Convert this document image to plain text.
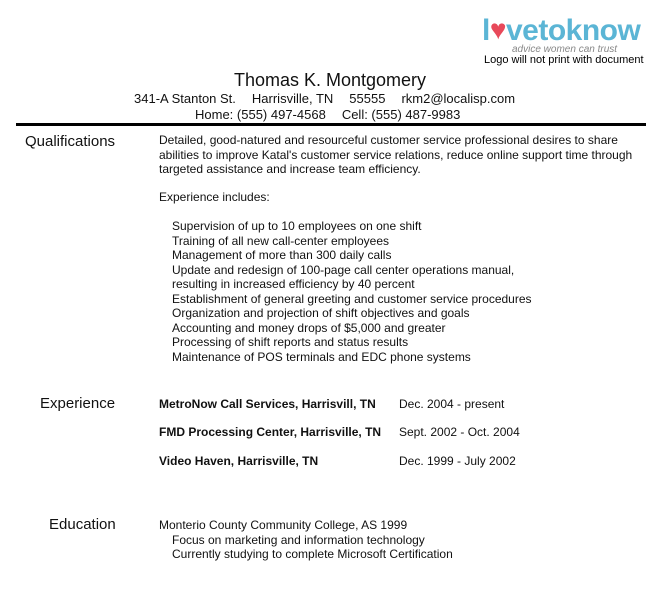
l♥vetoknow
advice women can trust
Logo will not print with document
Thomas K. Montgomery
341-A Stanton St. Harrisville, TN 55555 rkm2@localisp.com
Home: (555) 497-4568 Cell: (555) 487-9983
Qualifications	Detailed, good-natured and resourceful customer service professional desires to share abilities to improve Katal's customer service relations, reduce online support time through targeted assistance and increase team efficiency.
Experience includes:
Supervision of up to 10 employees on one shift
Training of all new call-center employees
Management of more than 300 daily calls
Update and redesign of 100-page call center operations manual,
resulting in increased efficiency by 40 percent
Establishment of general greeting and customer service procedures
Organization and projection of shift objectives and goals
Accounting and money drops of $5,000 and greater
Processing of shift reports and status results
Maintenance of POS terminals and EDC phone systems
Experience	MetroNow Call Services, Harrisvill, TN Dec. 2004 - present
FMD Processing Center, Harrisville, TN Sept. 2002 - Oct. 2004
Video Haven, Harrisville, TN	Dec. 1999 - July 2002
Education	Monterio County Community College, AS 1999
Focus on marketing and information technology
Currently studying to complete Microsoft Certification
